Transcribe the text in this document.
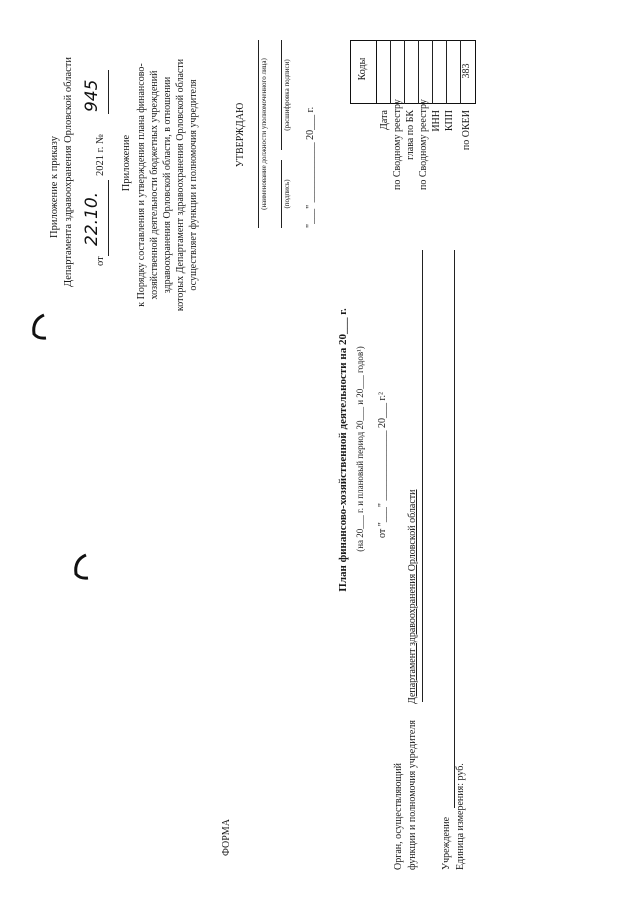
Приложение к приказу Департамента здравоохранения Орловской области от
22.10.
2021 г. №
945
Приложение к Порядку составления и утверждения плана финансово- хозяйственной деятельности бюджетных учреждений здравоохранения Орловской области, в отношении которых Департамент здравоохранения Орловской области осуществляет функции и полномочия учредителя	УТВЕРЖДАЮ (наименование должности уполномоченного лица) (подпись)
(расшифровка подписи)
"___" ____________ 20___ г.
Коды	383
Дата по Сводному реестру глава по БК по Сводному реестру ИНН КПП по ОКЕИ
План финансово-хозяйственной деятельности на 20___ г. (на 20___ г. и плановый период 20___ и 20___ годов¹) от "___" ______________ 20___ г.²
Орган, осуществляющий функции и полномочия учредителя
Департамент здравоохранения Орловской области
Учреждение Единица измерения: руб.
ФОРМА
